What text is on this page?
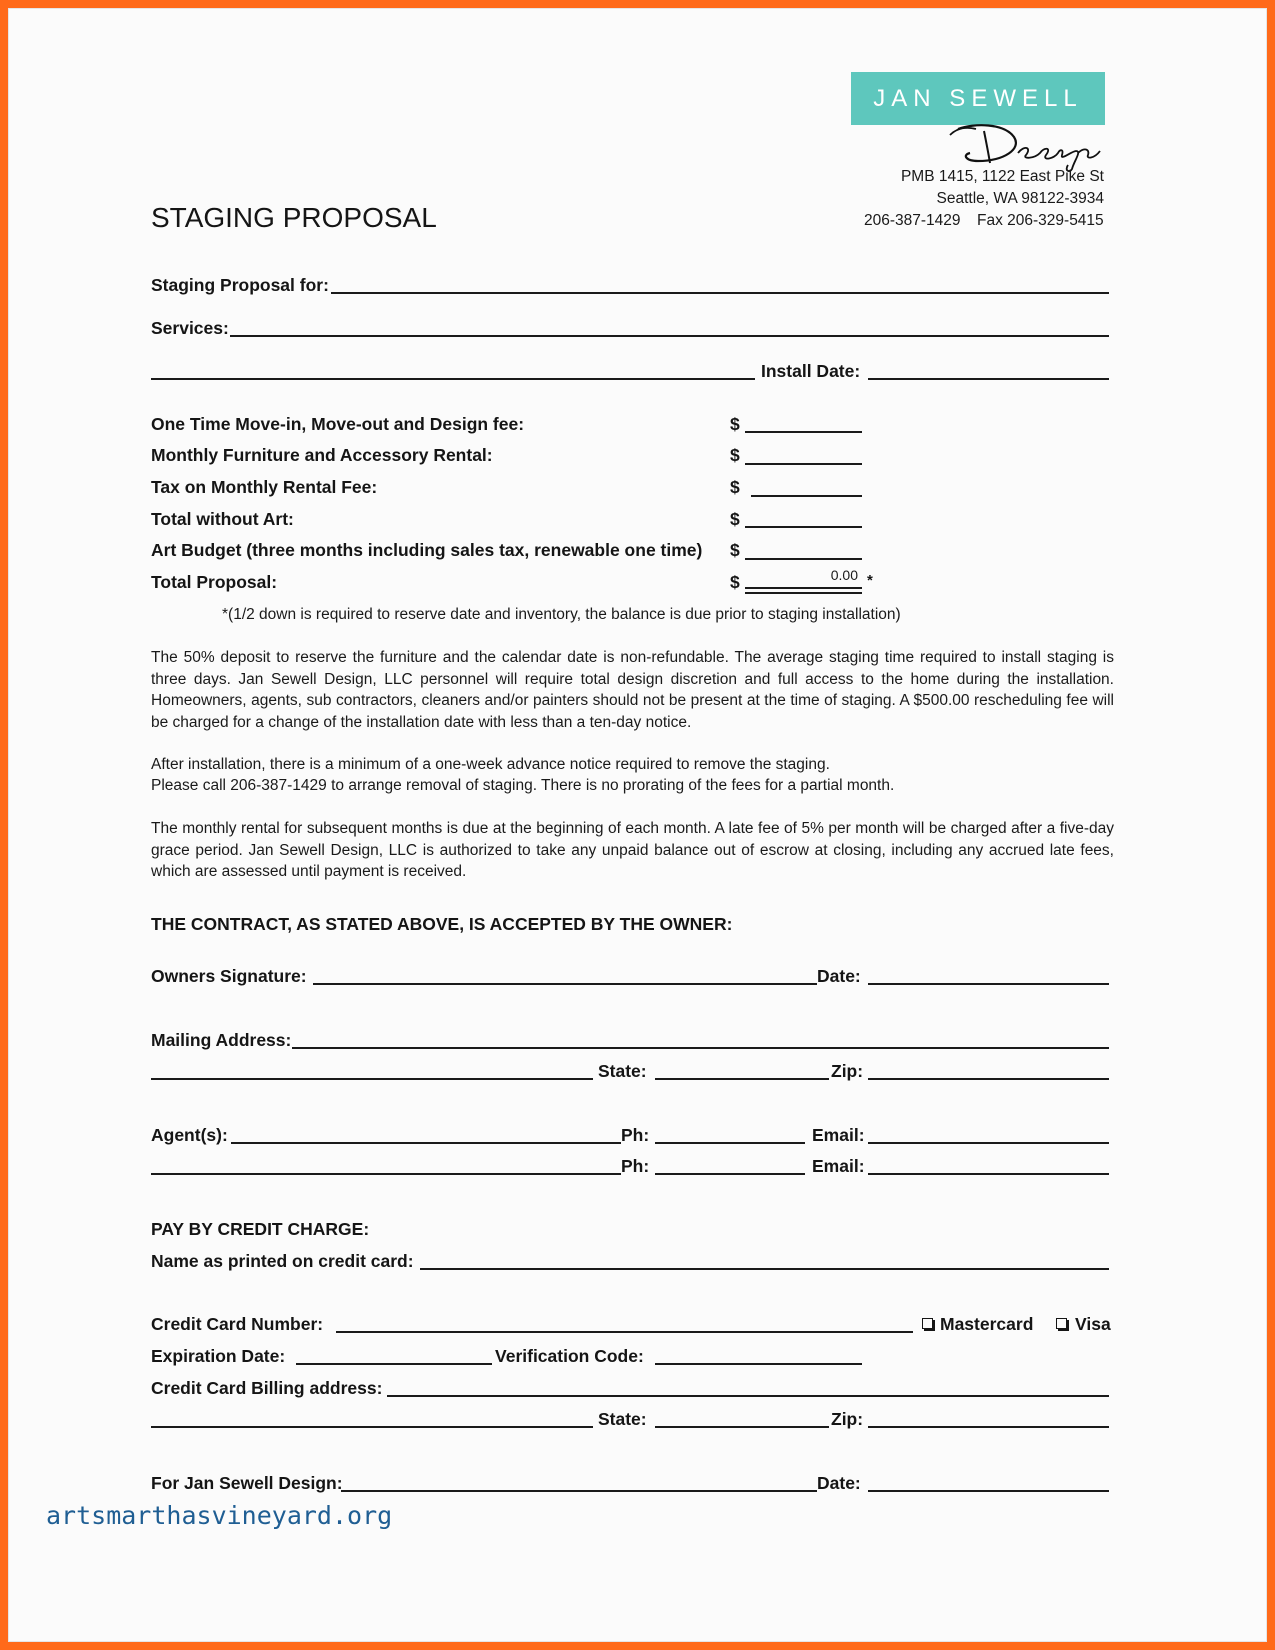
JAN SEWELL
Design
PMB 1415, 1122 East Pike St
Seattle, WA 98122-3934
206-387-1429 Fax 206-329-5415
STAGING PROPOSAL
Staging Proposal for:
Services:
Install Date:
One Time Move-in, Move-out and Design fee:	$
Monthly Furniture and Accessory Rental:	$
Tax on Monthly Rental Fee:	$
Total without Art:	$
Art Budget (three months including sales tax, renewable one time) $
Total Proposal:	$	0.00 *
*(1/2 down is required to reserve date and inventory, the balance is due prior to staging installation)
The 50% deposit to reserve the furniture and the calendar date is non-refundable. The average staging time required to install staging is three days. Jan Sewell Design, LLC personnel will require total design discretion and full access to the home during the installation. Homeowners, agents, sub contractors, cleaners and/or painters should not be present at the time of staging. A $500.00 rescheduling fee will be charged for a change of the installation date with less than a ten-day notice.
After installation, there is a minimum of a one-week advance notice required to remove the staging.
Please call 206-387-1429 to arrange removal of staging. There is no prorating of the fees for a partial month.
The monthly rental for subsequent months is due at the beginning of each month. A late fee of 5% per month will be charged after a five-day grace period. Jan Sewell Design, LLC is authorized to take any unpaid balance out of escrow at closing, including any accrued late fees, which are assessed until payment is received.
THE CONTRACT, AS STATED ABOVE, IS ACCEPTED BY THE OWNER:
Owners Signature:	Date:
Mailing Address:
State:	Zip:
Agent(s):	Ph:	Email:
Ph:	Email:
PAY BY CREDIT CHARGE:
Name as printed on credit card:
Credit Card Number:	Mastercard Visa
Expiration Date:	Verification Code:
Credit Card Billing address:
State:	Zip:
For Jan Sewell Design:	Date:
artsmarthasvineyard.org
